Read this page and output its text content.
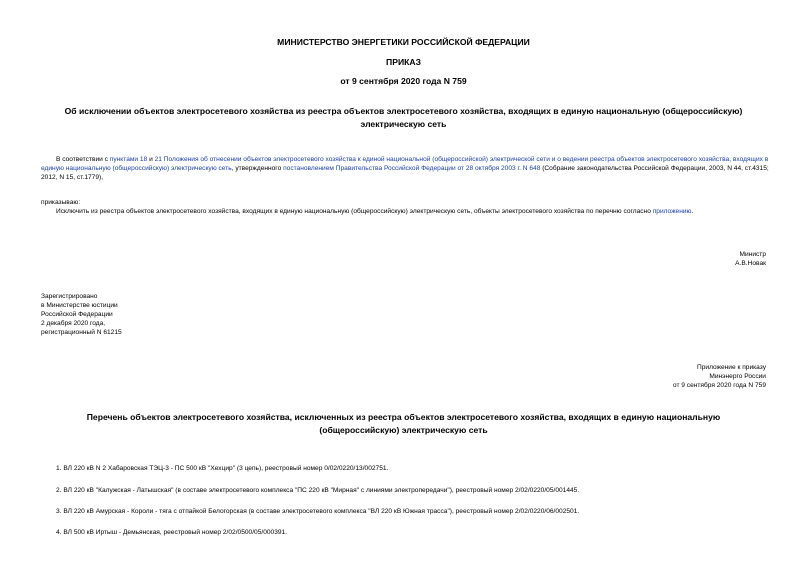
МИНИСТЕРСТВО ЭНЕРГЕТИКИ РОССИЙСКОЙ ФЕДЕРАЦИИ
ПРИКАЗ
от 9 сентября 2020 года N 759
Об исключении объектов электросетевого хозяйства из реестра объектов электросетевого хозяйства, входящих в единую национальную (общероссийскую)
электрическую сеть
В соответствии с пунктами 18 и 21 Положения об отнесении объектов электросетевого хозяйства к единой национальной (общероссийской) электрической сети и о ведении реестра объектов электросетевого хозяйства, входящих в единую национальную (общероссийскую) электрическую сеть, утвержденного постановлением Правительства Российской Федерации от 28 октября 2003 г. N 648 (Собрание законодательства Российской Федерации, 2003, N 44, ст.4315; 2012, N 15, ст.1779),
приказываю:
Исключить из реестра объектов электросетевого хозяйства, входящих в единую национальную (общероссийскую) электрическую сеть, объекты электросетевого хозяйства по перечню согласно приложению.
Министр
А.В.Новак
Зарегистрировано
в Министерстве юстиции
Российской Федерации
2 декабря 2020 года,
регистрационный N 61215
Приложение к приказу
Минэнерго России
от 9 сентября 2020 года N 759
Перечень объектов электросетевого хозяйства, исключенных из реестра объектов электросетевого хозяйства, входящих в единую национальную
(общероссийскую) электрическую сеть
1. ВЛ 220 кВ N 2 Хабаровская ТЭЦ-3 - ПС 500 кВ "Хехцир" (3 цепь), реестровый номер 0/02/0220/13/002751.
2. ВЛ 220 кВ "Калужская - Латышская" (в составе электросетевого комплекса "ПС 220 кВ "Мирная" с линиями электропередачи"), реестровый номер 2/02/0220/05/001445.
3. ВЛ 220 кВ Амурская - Короли - тяга с отпайкой Белогорская (в составе электросетевого комплекса "ВЛ 220 кВ Южная трасса"), реестровый номер 2/02/0220/06/002501.
4. ВЛ 500 кВ Иртыш - Демьянская, реестровый номер 2/02/0500/05/000391.
